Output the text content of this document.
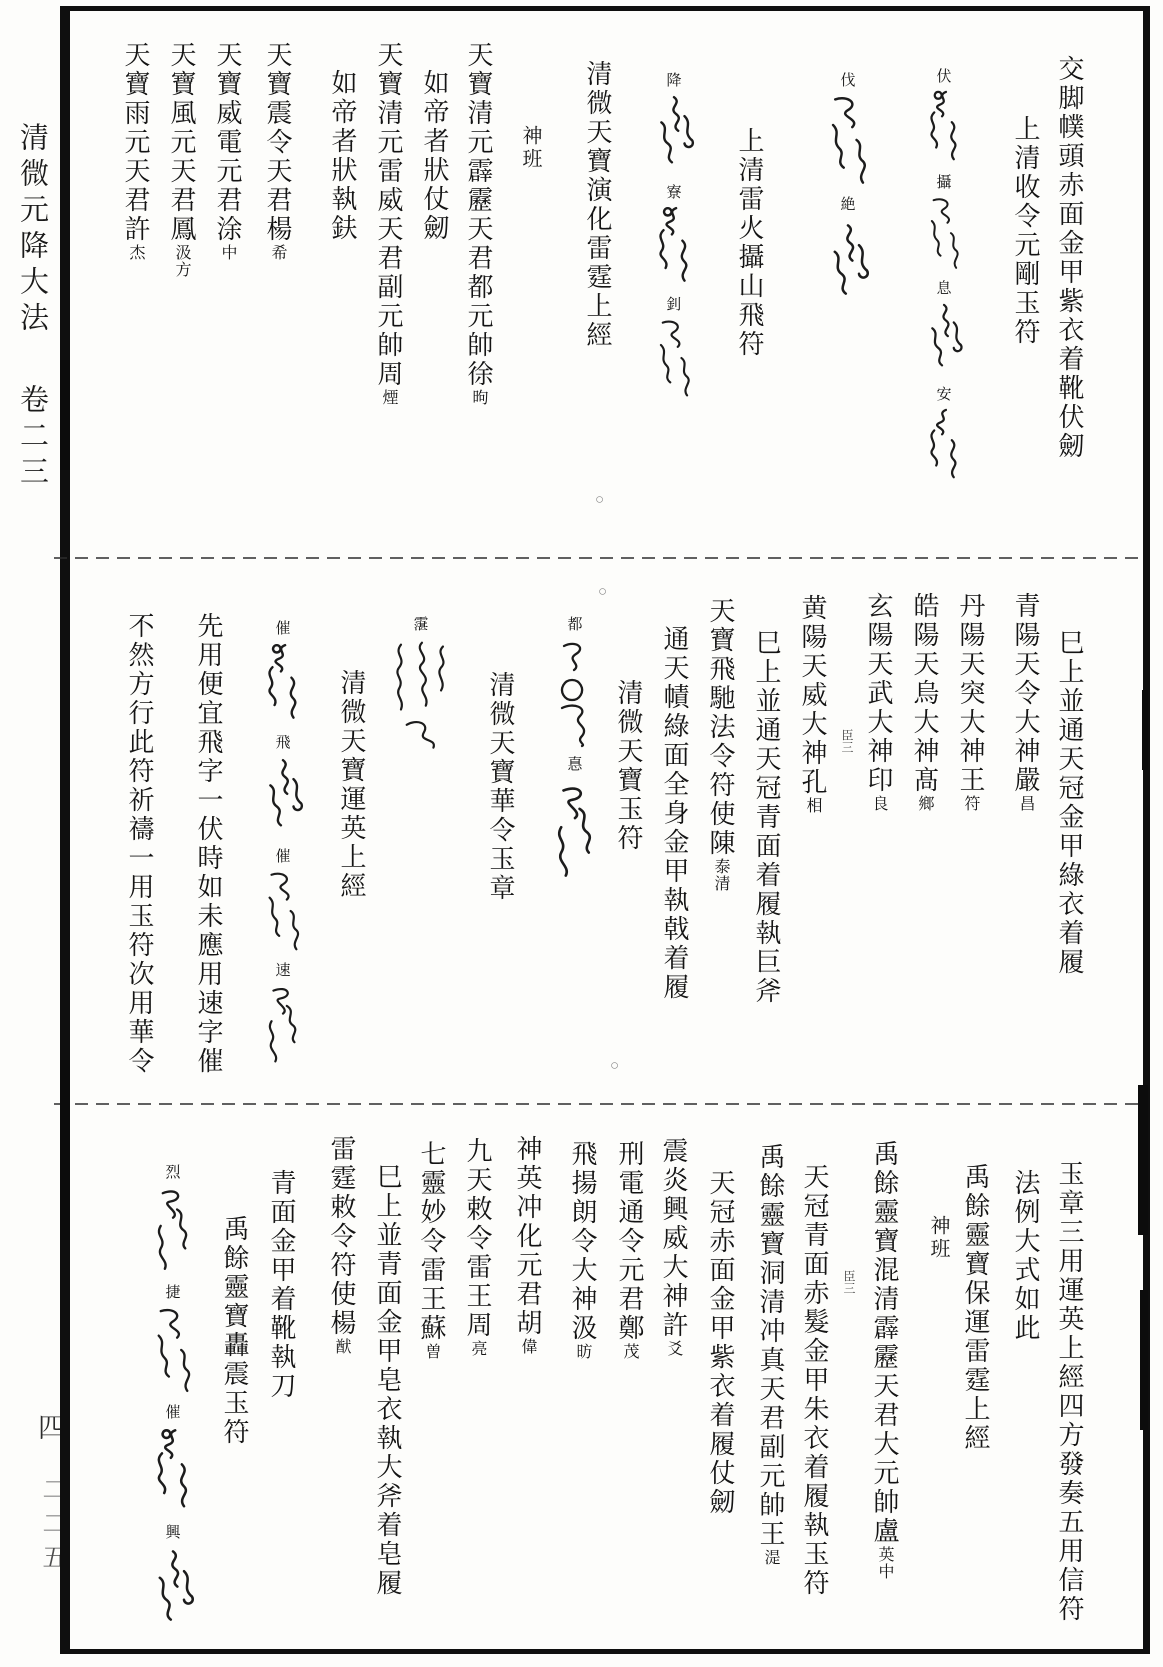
清微元降大法卷二三
四
二二五
交脚幞頭赤面金甲紫衣着靴伏劒
上清收令元剛玉符
伏
攝
息
安
伐
絶
上清雷火攝山飛符
降
寮
釗
清微天寶演化雷霆上經
神班
天寶清元霹靂天君都元帥徐昫
如帝者狀仗劒
天寶清元雷威天君副元帥周煙
如帝者狀執鈇
天寶震令天君楊希
天寶威電元君涂中
天寶風元天君鳳汲方
天寶雨元天君許杰
巳上並通天冠金甲綠衣着履
青陽天令大神嚴昌
丹陽天突大神王符
皓陽天烏大神髙鄉
玄陽天武大神印良
臣三
黄陽天威大神孔相
巳上並通天冠青面着履執巨斧
天寶飛馳法令符使陳泰清
通天幘綠面全身金甲執戟着履
清微天寶玉符
都
惪
清微天寶華令玉章
霮
清微天寶運英上經
催
飛
催
速
先用便宜飛字一伏時如未應用速字催
不然方行此符祈禱一用玉符次用華令
玉章三用運英上經四方發奏五用信符
法例大式如此
禹餘靈寶保運雷霆上經
神班
禹餘靈寶混清霹靂天君大元帥盧英中
臣三
天冠青面赤髮金甲朱衣着履執玉符
禹餘靈寶洞清冲真天君副元帥王湜
天冠赤面金甲紫衣着履仗劒
震炎興威大神許爻
刑電通令元君鄭茂
飛揚朗令大神汲昉
神英冲化元君胡偉
九天敕令雷王周亮
七靈妙令雷王蘇曽
巳上並青面金甲皂衣執大斧着皂履
雷霆敕令符使楊猷
青面金甲着靴執刀
禹餘靈寶轟震玉符
烈
捷
催
興
○
○
○
